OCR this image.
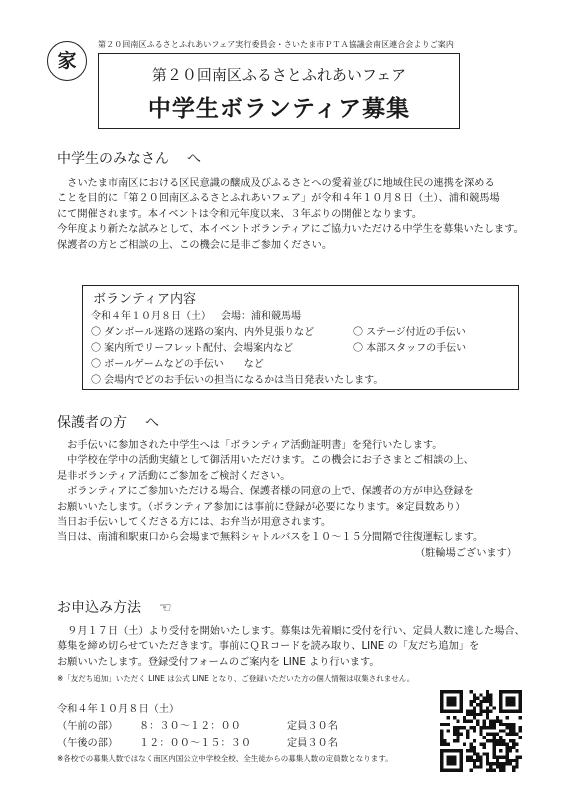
家
第２０回南区ふるさとふれあいフェア実行委員会・さいたま市ＰＴＡ協議会南区連合会よりご案内
第２０回南区ふるさとふれあいフェア
中学生ボランティア募集
中学生のみなさん へ

　さいたま市南区における区民意識の醸成及びふるさとへの愛着並びに地域住民の連携を深める

ことを目的に「第２０回南区ふるさとふれあいフェア」が令和４年１０月８日（土）、浦和競馬場

にて開催されます。本イベントは令和元年度以来、３年ぶりの開催となります。

今年度より新たな試みとして、本イベントボランティアにご協力いただける中学生を募集いたします。

保護者の方とご相談の上、この機会に是非ご参加ください。

ボランティア内容
令和４年１０月８日（土） 会場：浦和競馬場
〇 ダンボール迷路の迷路の案内、内外見張りなど	〇 ステージ付近の手伝い
〇 案内所でリーフレット配付、会場案内など	〇 本部スタッフの手伝い
〇 ボールゲームなどの手伝い　　など
〇 会場内でどのお手伝いの担当になるかは当日発表いたします。
保護者の方 へ

　お手伝いに参加された中学生へは「ボランティア活動証明書」を発行いたします。

　中学校在学中の活動実績として御活用いただけます。この機会にお子さまとご相談の上、

是非ボランティア活動にご参加をご検討ください。

　ボランティアにご参加いただける場合、保護者様の同意の上で、保護者の方が申込登録を

お願いいたします。（ボランティア参加には事前に登録が必要になります。※定員数あり）

当日お手伝いしてくださる方には、お弁当が用意されます。

当日は、南浦和駅東口から会場まで無料シャトルバスを１０～１５分間隔で往復運転します。

（駐輪場ございます）

お申込み方法 ☜

　９月１７日（土）より受付を開始いたします。募集は先着順に受付を行い、定員人数に達した場合、

募集を締め切らせていただきます。事前にＱＲコードを読み取り、LINE の「友だち追加」を

お願いいたします。登録受付フォームのご案内を LINE より行います。

※「友だち追加」いただく LINE は公式 LINE となり、ご登録いただいた方の個人情報は収集されません。
令和４年１０月８日（土）
（午前の部） ８：３０～１２：００	定員３０名
（午後の部） １２：００～１５：３０	定員３０名
※各校での募集人数ではなく南区内国公立中学校全校、全生徒からの募集人数の定員数となります。
